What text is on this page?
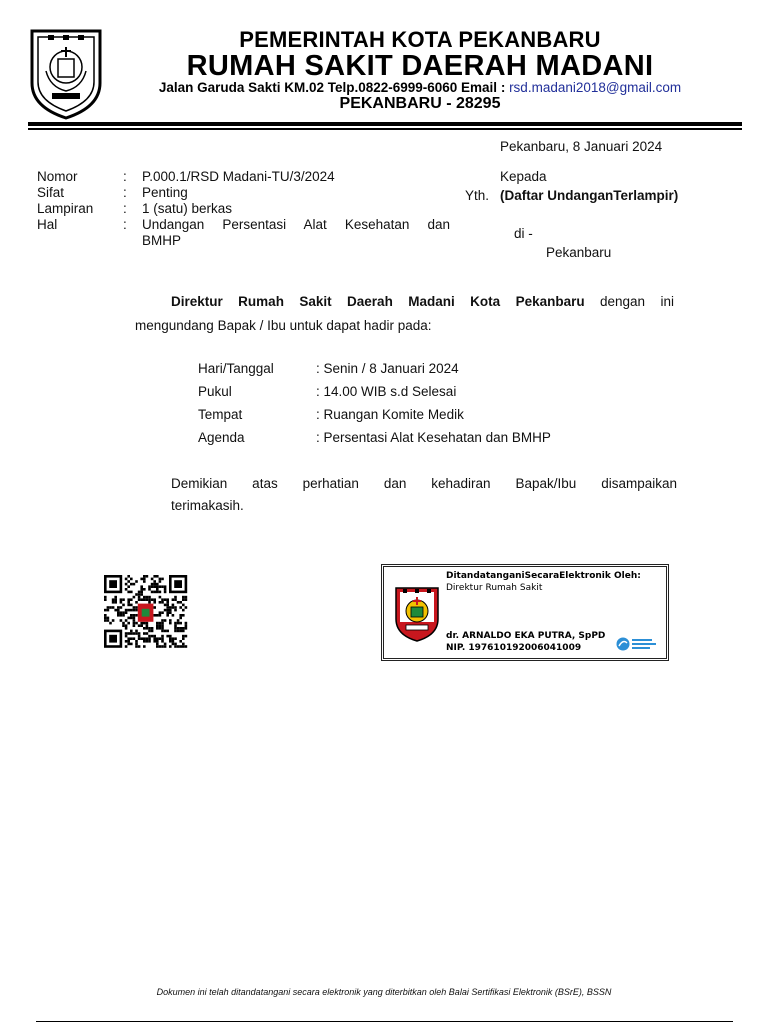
PEMERINTAH KOTA PEKANBARU
RUMAH SAKIT DAERAH MADANI
Jalan Garuda Sakti KM.02 Telp.0822-6999-6060 Email : rsd.madani2018@gmail.com
PEKANBARU - 28295
Pekanbaru, 8 Januari 2024
Nomor	: P.000.1/RSD Madani-TU/3/2024
Sifat	: Penting
Lampiran : 1 (satu) berkas
Hal	: Undangan Persentasi Alat Kesehatan dan
BMHP
Kepada
Yth. (Daftar UndanganTerlampir)
di -
Pekanbaru
Direktur Rumah Sakit Daerah Madani Kota Pekanbaru dengan ini
mengundang Bapak / Ibu untuk dapat hadir pada:
Hari/Tanggal	: Senin / 8 Januari 2024
Pukul	: 14.00 WIB s.d Selesai
Tempat	: Ruangan Komite Medik
Agenda	: Persentasi Alat Kesehatan dan BMHP
Demikian atas perhatian dan kehadiran Bapak/Ibu disampaikan
terimakasih.
DitandatanganiSecaraElektronik Oleh:
Direktur Rumah Sakit
dr. ARNALDO EKA PUTRA, SpPD
NIP. 197610192006041009
Dokumen ini telah ditandatangani secara elektronik yang diterbitkan oleh Balai Sertifikasi Elektronik (BSrE), BSSN
